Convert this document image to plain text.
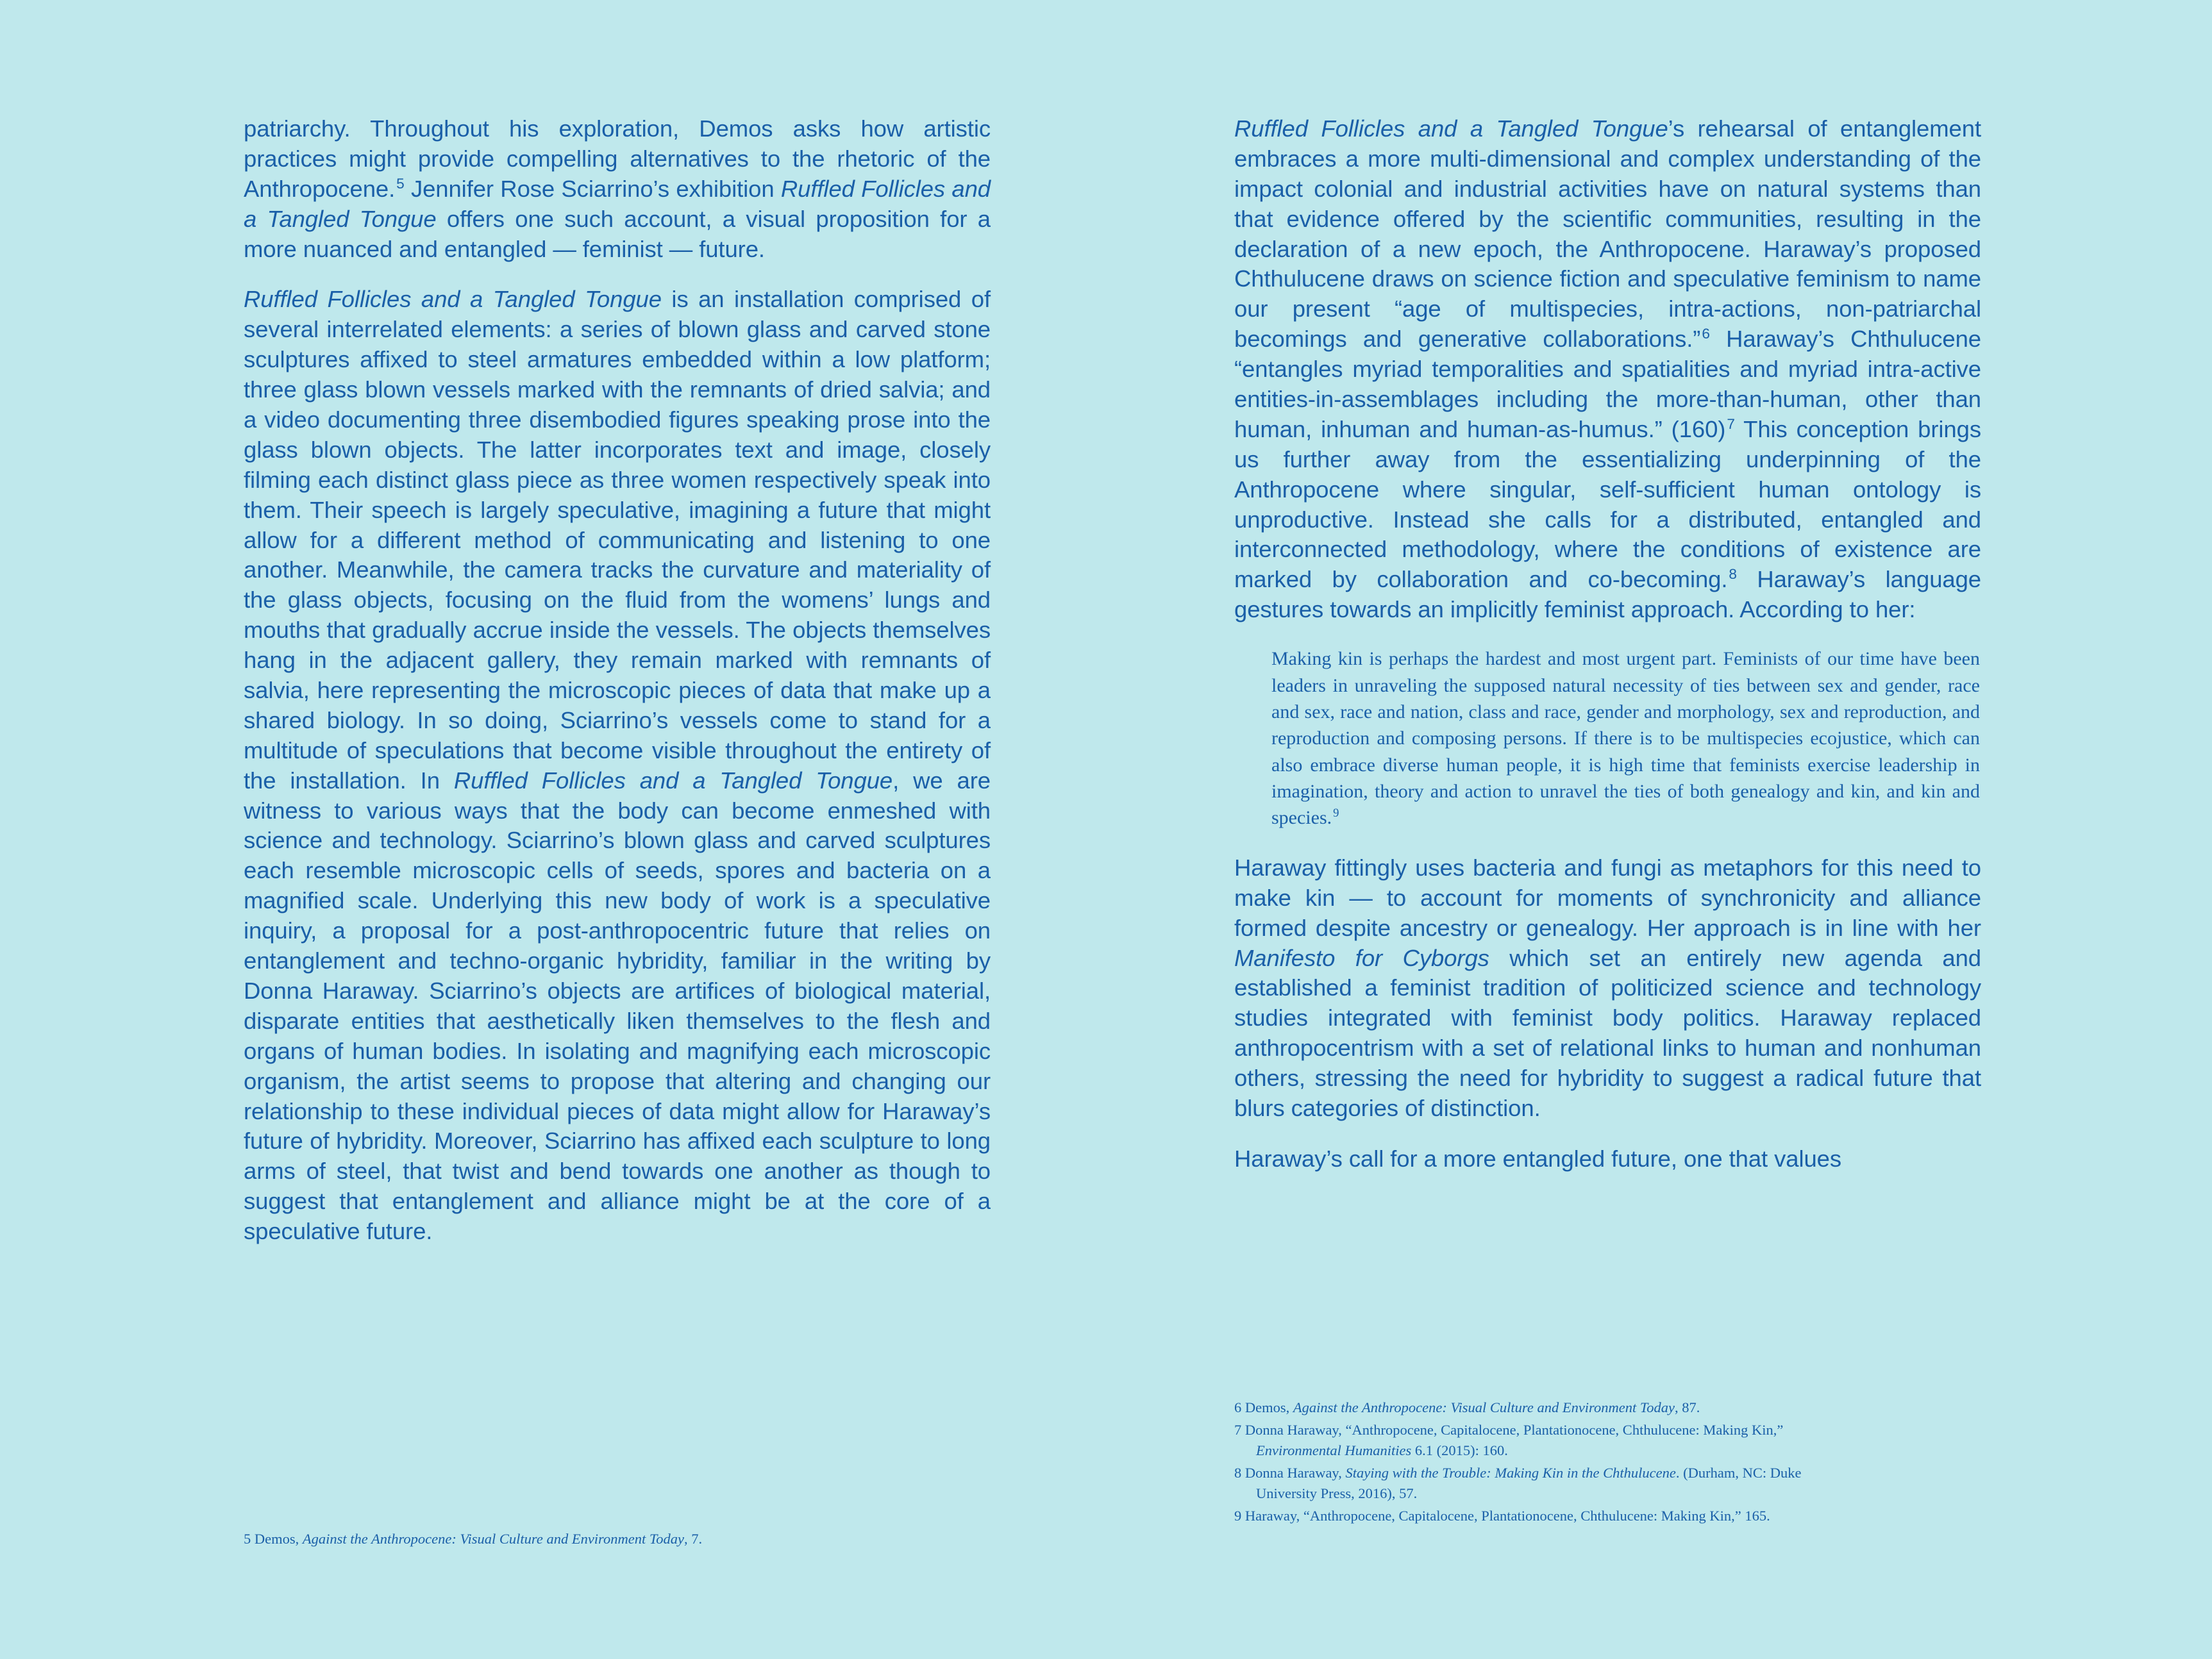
patriarchy. Throughout his exploration, Demos asks how artistic practices might provide compelling alternatives to the rhetoric of the Anthropocene.$^5$ Jennifer Rose Sciarrino’s exhibition Ruffled Follicles and a Tangled Tongue offers one such account, a visual proposition for a more nuanced and entangled — feminist — future.

Ruffled Follicles and a Tangled Tongue is an installation comprised of several interrelated elements: a series of blown glass and carved stone sculptures affixed to steel armatures embedded within a low platform; three glass blown vessels marked with the remnants of dried salvia; and a video documenting three disembodied figures speaking prose into the glass blown objects. The latter incorporates text and image, closely filming each distinct glass piece as three women respectively speak into them. Their speech is largely speculative, imagining a future that might allow for a different method of communicating and listening to one another. Meanwhile, the camera tracks the curvature and materiality of the glass objects, focusing on the fluid from the womens’ lungs and mouths that gradually accrue inside the vessels. The objects themselves hang in the adjacent gallery, they remain marked with remnants of salvia, here representing the microscopic pieces of data that make up a shared biology. In so doing, Sciarrino’s vessels come to stand for a multitude of speculations that become visible throughout the entirety of the installation. In Ruffled Follicles and a Tangled Tongue, we are witness to various ways that the body can become enmeshed with science and technology. Sciarrino’s blown glass and carved sculptures each resemble microscopic cells of seeds, spores and bacteria on a magnified scale. Underlying this new body of work is a speculative inquiry, a proposal for a post-anthropocentric future that relies on entanglement and techno-organic hybridity, familiar in the writing by Donna Haraway. Sciarrino’s objects are artifices of biological material, disparate entities that aesthetically liken themselves to the flesh and organs of human bodies. In isolating and magnifying each microscopic organism, the artist seems to propose that altering and changing our relationship to these individual pieces of data might allow for Haraway’s future of hybridity. Moreover, Sciarrino has affixed each sculpture to long arms of steel, that twist and bend towards one another as though to suggest that entanglement and alliance might be at the core of a speculative future.

5 Demos, Against the Anthropocene: Visual Culture and Environment Today, 7.

Ruffled Follicles and a Tangled Tongue’s rehearsal of entanglement embraces a more multi-dimensional and complex understanding of the impact colonial and industrial activities have on natural systems than that evidence offered by the scientific communities, resulting in the declaration of a new epoch, the Anthropocene. Haraway’s proposed Chthulucene draws on science fiction and speculative feminism to name our present “age of multispecies, intra-actions, non-patriarchal becomings and generative collaborations.”$^6$ Haraway’s Chthulucene “entangles myriad temporalities and spatialities and myriad intra-active entities-in-assemblages including the more-than-human, other than human, inhuman and human-as-humus.” $(160)^7$ This conception brings us further away from the essentializing underpinning of the Anthropocene where singular, self-sufficient human ontology is unproductive. Instead she calls for a distributed, entangled and interconnected methodology, where the conditions of existence are marked by collaboration and co-becoming.$^8$ Haraway’s language gestures towards an implicitly feminist approach. According to her:

Making kin is perhaps the hardest and most urgent part. Feminists of our time have been leaders in unraveling the supposed natural necessity of ties between sex and gender, race and sex, race and nation, class and race, gender and morphology, sex and reproduction, and reproduction and composing persons. If there is to be multispecies ecojustice, which can also embrace diverse human people, it is high time that feminists exercise leadership in imagination, theory and action to unravel the ties of both genealogy and kin, and kin and species. $^9$

Haraway fittingly uses bacteria and fungi as metaphors for this need to make kin — to account for moments of synchronicity and alliance formed despite ancestry or genealogy. Her approach is in line with her Manifesto for Cyborgs which set an entirely new agenda and established a feminist tradition of politicized science and technology studies integrated with feminist body politics. Haraway replaced anthropocentrism with a set of relational links to human and nonhuman others, stressing the need for hybridity to suggest a radical future that blurs categories of distinction.

Haraway’s call for a more entangled future, one that values

6 Demos, Against the Anthropocene: Visual Culture and Environment Today, 87.

7 Donna Haraway, “Anthropocene, Capitalocene, Plantationocene, Chthulucene: Making Kin,”
Environmental Humanities 6.1 (2015): 160.

8 Donna Haraway, Staying with the Trouble: Making Kin in the Chthulucene. (Durham, NC: Duke
University Press, 2016), 57.

9 Haraway, “Anthropocene, Capitalocene, Plantationocene, Chthulucene: Making Kin,” 165.
